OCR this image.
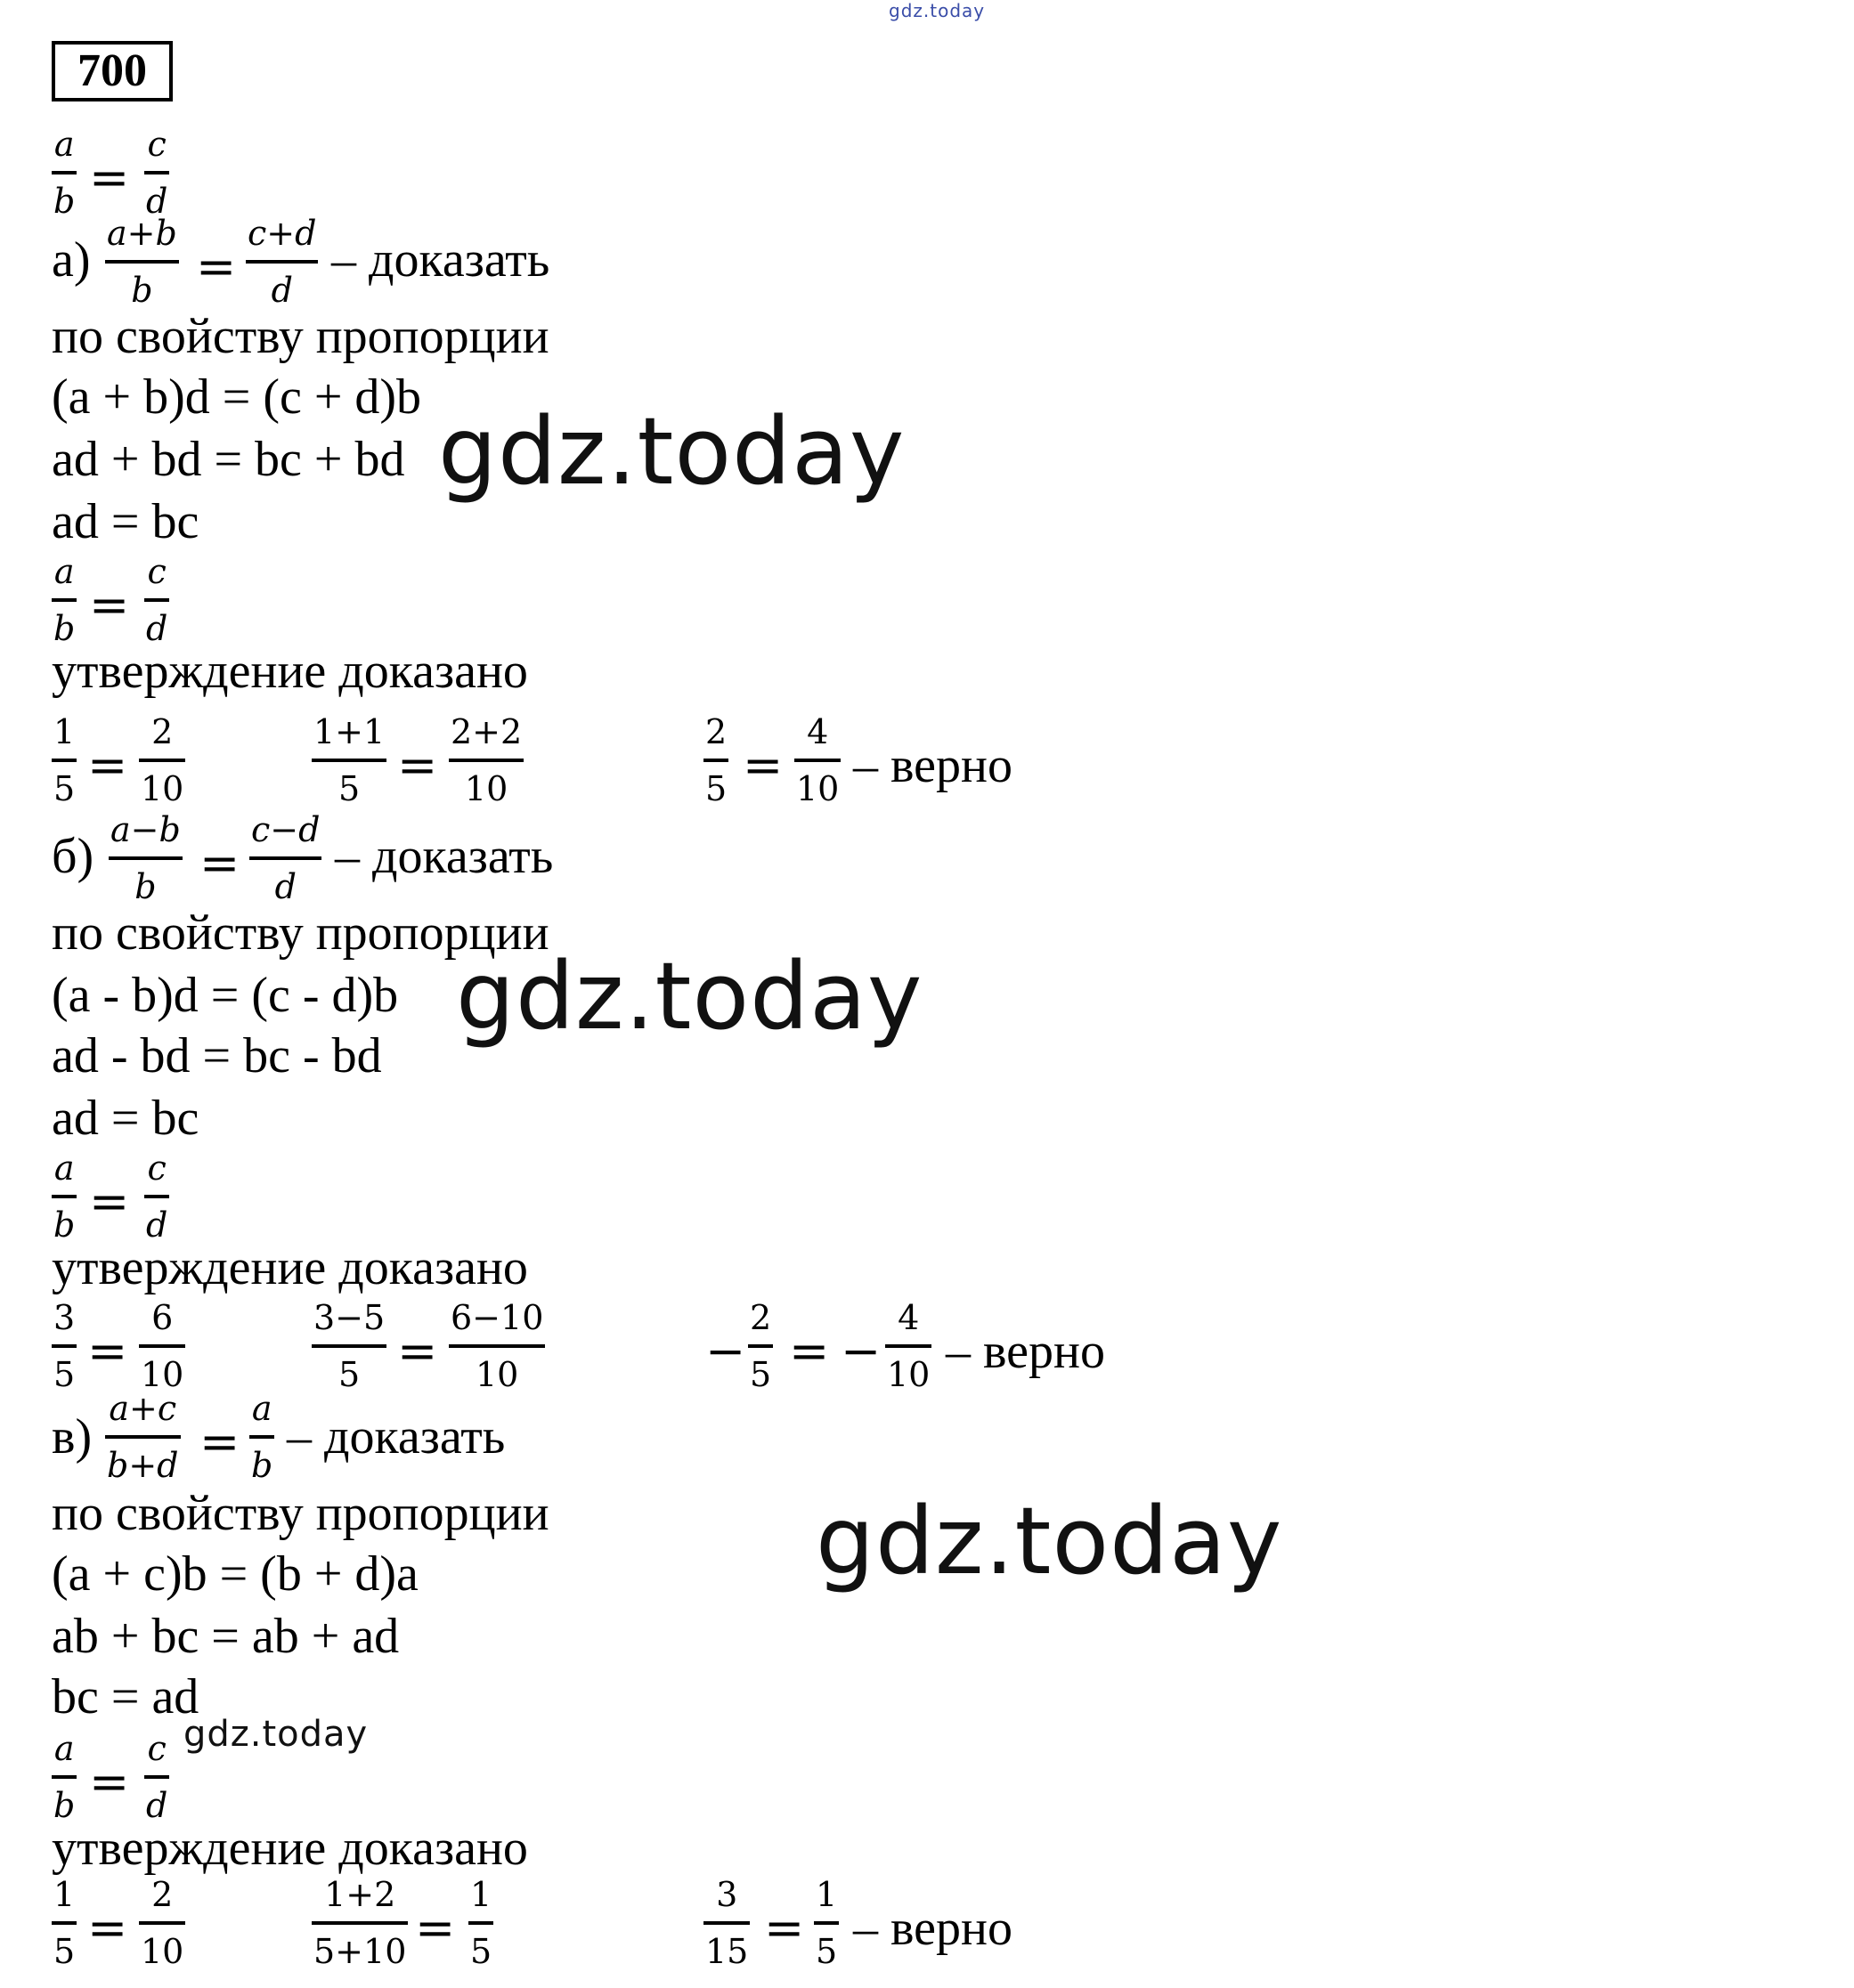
gdz.today
700
a
b =
c
d
а) a+b
b =
c+d
d
– доказать
по свойству пропорции
(a + b)d = (c + d)b
ad + bd = bc + bd
ad = bc
a
b =
c
d
утверждение доказано
1
5 =
2
10
1+1
5 =
2+2
10
2
5 =
4
10 – верно
б) a−b
b =
c−d
d
– доказать
по свойству пропорции
(a - b)d = (c - d)b
ad - bd = bc - bd
ad = bc
a
b =
c
d
утверждение доказано
3
5 =
6
10
3−5
5 =
6−10
10	−
2
5 = −
4
10 – верно
в)
a+c
b+d =
a
b
– доказать
по свойству пропорции
(a + c)b = (b + d)a
ab + bc = ab + ad
bc = ad
a
b =
c
d
утверждение доказано
1
5 =
2
10
1+2
5+10 =
1
5
3
15 =
1
5 – верно
gdz.today
gdz.today
gdz.today
gdz.today
